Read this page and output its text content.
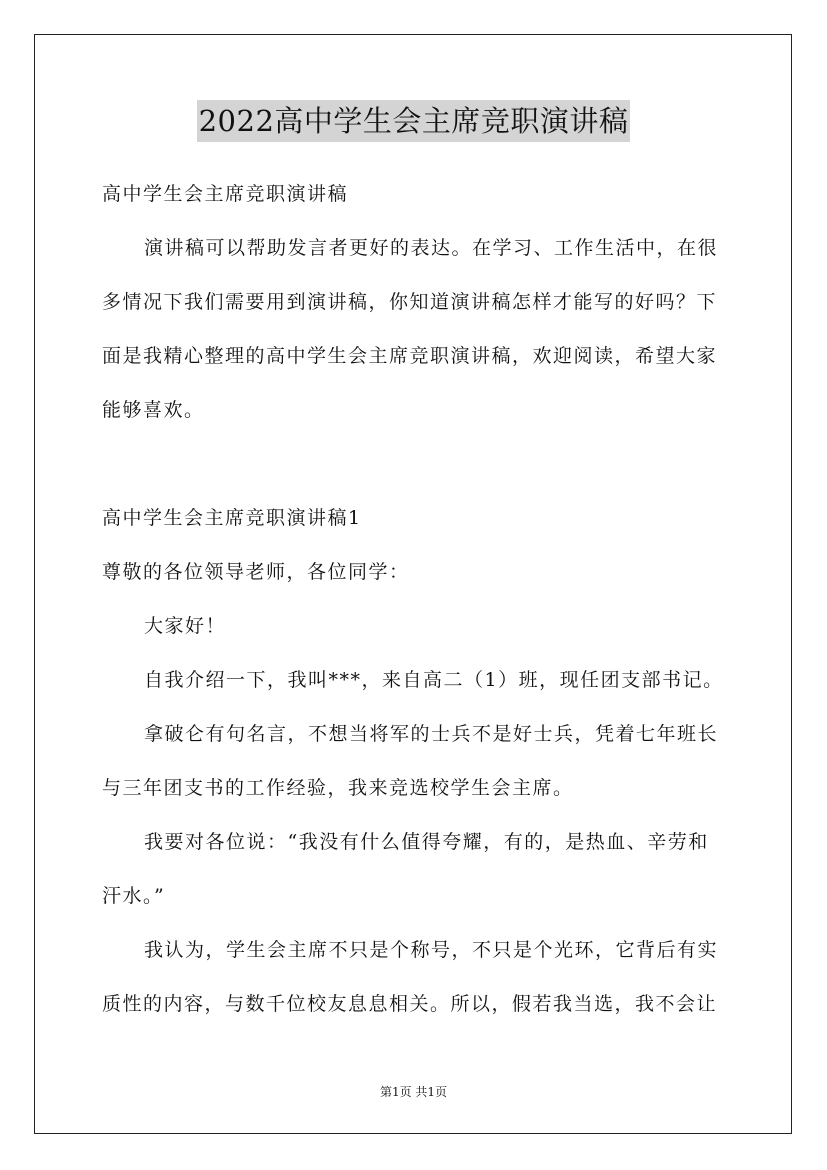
2022高中学生会主席竞职演讲稿
高中学生会主席竞职演讲稿
演讲稿可以帮助发言者更好的表达。在学习、工作生活中，在很
多情况下我们需要用到演讲稿，你知道演讲稿怎样才能写的好吗？下
面是我精心整理的高中学生会主席竞职演讲稿，欢迎阅读，希望大家
能够喜欢。
高中学生会主席竞职演讲稿1
尊敬的各位领导老师，各位同学：
大家好！
自我介绍一下，我叫***，来自高二（1）班，现任团支部书记。
拿破仑有句名言，不想当将军的士兵不是好士兵，凭着七年班长
与三年团支书的工作经验，我来竞选校学生会主席。
我要对各位说：“我没有什么值得夸耀，有的，是热血、辛劳和
汗水。”
我认为，学生会主席不只是个称号，不只是个光环，它背后有实
质性的内容，与数千位校友息息相关。所以，假若我当选，我不会让
第1页 共1页
